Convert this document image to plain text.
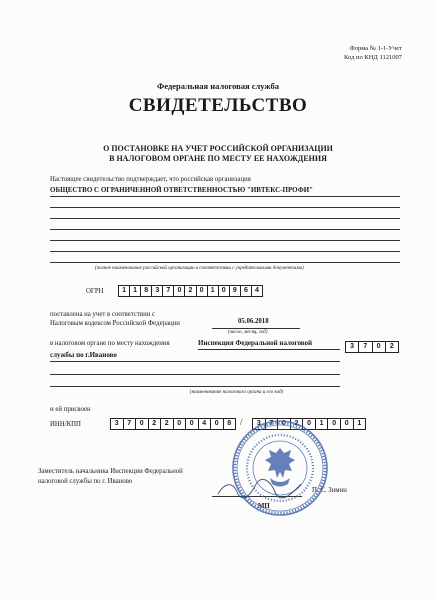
Форма № 1-1-Учет
Код по КНД 1121007
Федеральная налоговая служба
СВИДЕТЕЛЬСТВО
О ПОСТАНОВКЕ НА УЧЕТ РОССИЙСКОЙ ОРГАНИЗАЦИИ
В НАЛОГОВОМ ОРГАНЕ ПО МЕСТУ ЕЕ НАХОЖДЕНИЯ
Настоящее свидетельство подтверждает, что российская организация
ОБЩЕСТВО С ОГРАНИЧЕННОЙ ОТВЕТСТВЕННОСТЬЮ "ИВТЕКС-ПРОФИ"
(полное наименование российской организации в соответствии с учредительными документами)
ОГРН	1	1	8	3	7	0	2	0	1	0	9	6	4
поставлена на учет в соответствии с
Налоговым кодексом Российской Федерации	05.06.2018
(число, месяц, год)
в налоговом органе по месту нахождения	Инспекция Федеральной налоговой
службы по г.Иваново
3	7	0	2
(наименование налогового органа и его код)
и ей присвоен
ИНН/КПП	3	7	0	2	2	0	0	4	0	8 /	3	7	0	2	0	1	0	0	1
Заместитель начальника Инспекции Федеральной
налоговой службы по г. Иваново
П. С. Зимин
МП
